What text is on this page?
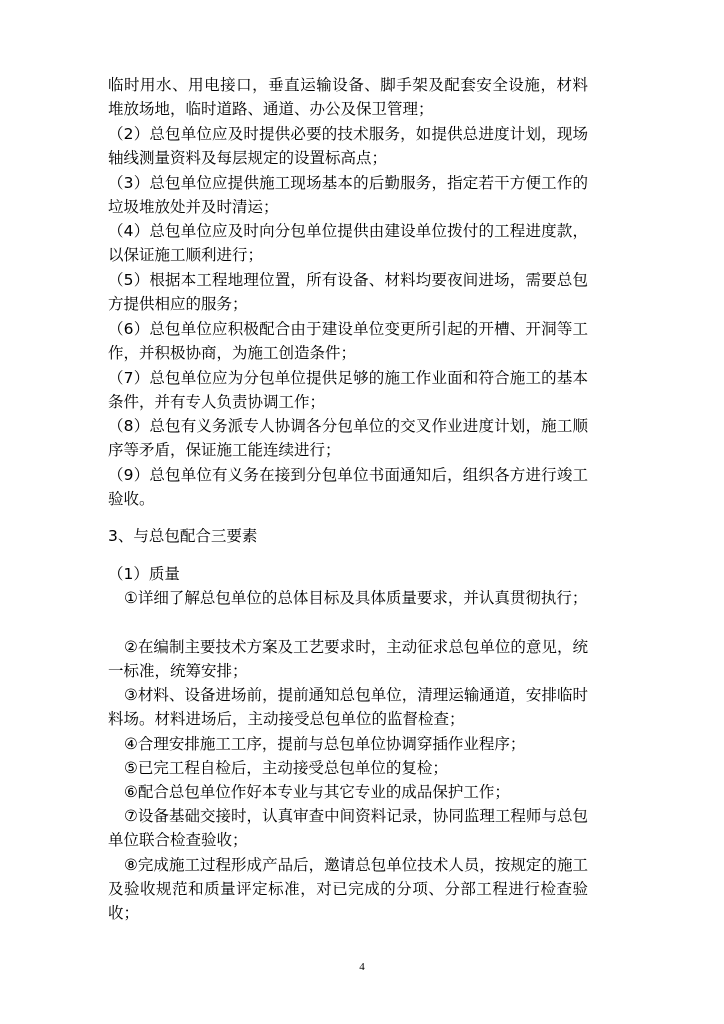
临时用水、用电接口，垂直运输设备、脚手架及配套安全设施，材料堆放场地，临时道路、通道、办公及保卫管理；

（2）总包单位应及时提供必要的技术服务，如提供总进度计划，现场轴线测量资料及每层规定的设置标高点；

（3）总包单位应提供施工现场基本的后勤服务，指定若干方便工作的垃圾堆放处并及时清运；

（4）总包单位应及时向分包单位提供由建设单位拨付的工程进度款，以保证施工顺利进行；

（5）根据本工程地理位置，所有设备、材料均要夜间进场，需要总包方提供相应的服务；

（6）总包单位应积极配合由于建设单位变更所引起的开槽、开洞等工作，并积极协商，为施工创造条件；

（7）总包单位应为分包单位提供足够的施工作业面和符合施工的基本条件，并有专人负责协调工作；

（8）总包有义务派专人协调各分包单位的交叉作业进度计划，施工顺序等矛盾，保证施工能连续进行；

（9）总包单位有义务在接到分包单位书面通知后，组织各方进行竣工验收。

3、与总包配合三要素

（1）质量

①详细了解总包单位的总体目标及具体质量要求，并认真贯彻执行；

②在编制主要技术方案及工艺要求时，主动征求总包单位的意见，统一标准，统筹安排；

③材料、设备进场前，提前通知总包单位，清理运输通道，安排临时料场。材料进场后，主动接受总包单位的监督检查；

④合理安排施工工序，提前与总包单位协调穿插作业程序；

⑤已完工程自检后，主动接受总包单位的复检；

⑥配合总包单位作好本专业与其它专业的成品保护工作；

⑦设备基础交接时，认真审查中间资料记录，协同监理工程师与总包单位联合检查验收；

⑧完成施工过程形成产品后，邀请总包单位技术人员，按规定的施工及验收规范和质量评定标准，对已完成的分项、分部工程进行检查验收；

4
